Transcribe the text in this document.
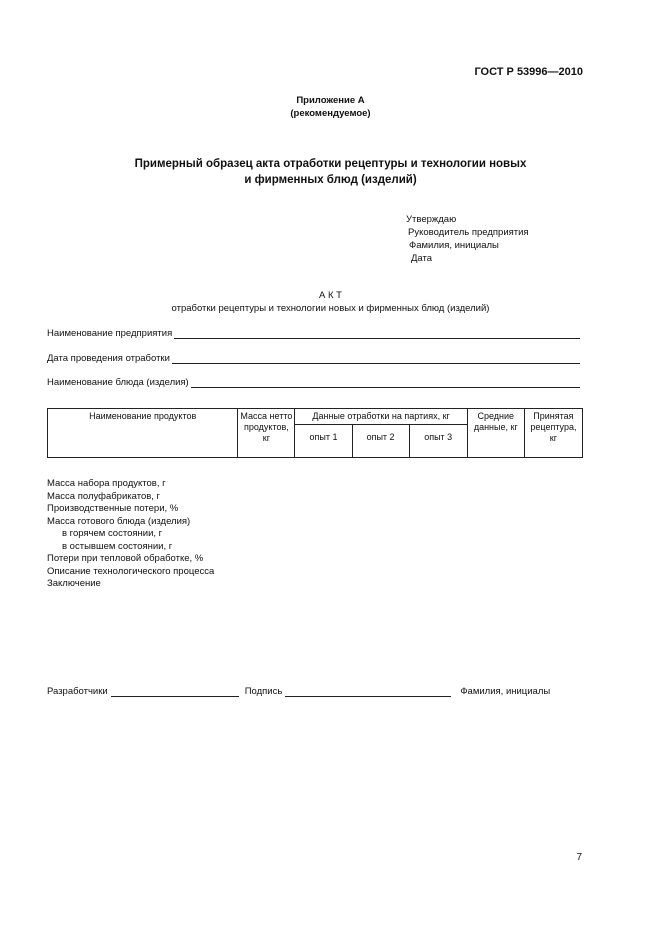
ГОСТ Р 53996—2010
Приложение А
(рекомендуемое)
Примерный образец акта отработки рецептуры и технологии новых
и фирменных блюд (изделий)
Утверждаю
Руководитель предприятия
Фамилия, инициалы
Дата
А К Т
отработки рецептуры и технологии новых и фирменных блюд (изделий)
Наименование предприятия
Дата проведения отработки
Наименование блюда (изделия)
Наименование продуктов	Масса нетто продуктов, кг	Данные отработки на партиях, кг			Средние данные, кг	Принятая рецептура, кг
		опыт 1	опыт 2	опыт 3		
Масса набора продуктов, г
Масса полуфабрикатов, г
Производственные потери, %
Масса готового блюда (изделия)
в горячем состоянии, г
в остывшем состоянии, г
Потери при тепловой обработке, %
Описание технологического процесса
Заключение
Разработчики	Подпись	Фамилия, инициалы
7
